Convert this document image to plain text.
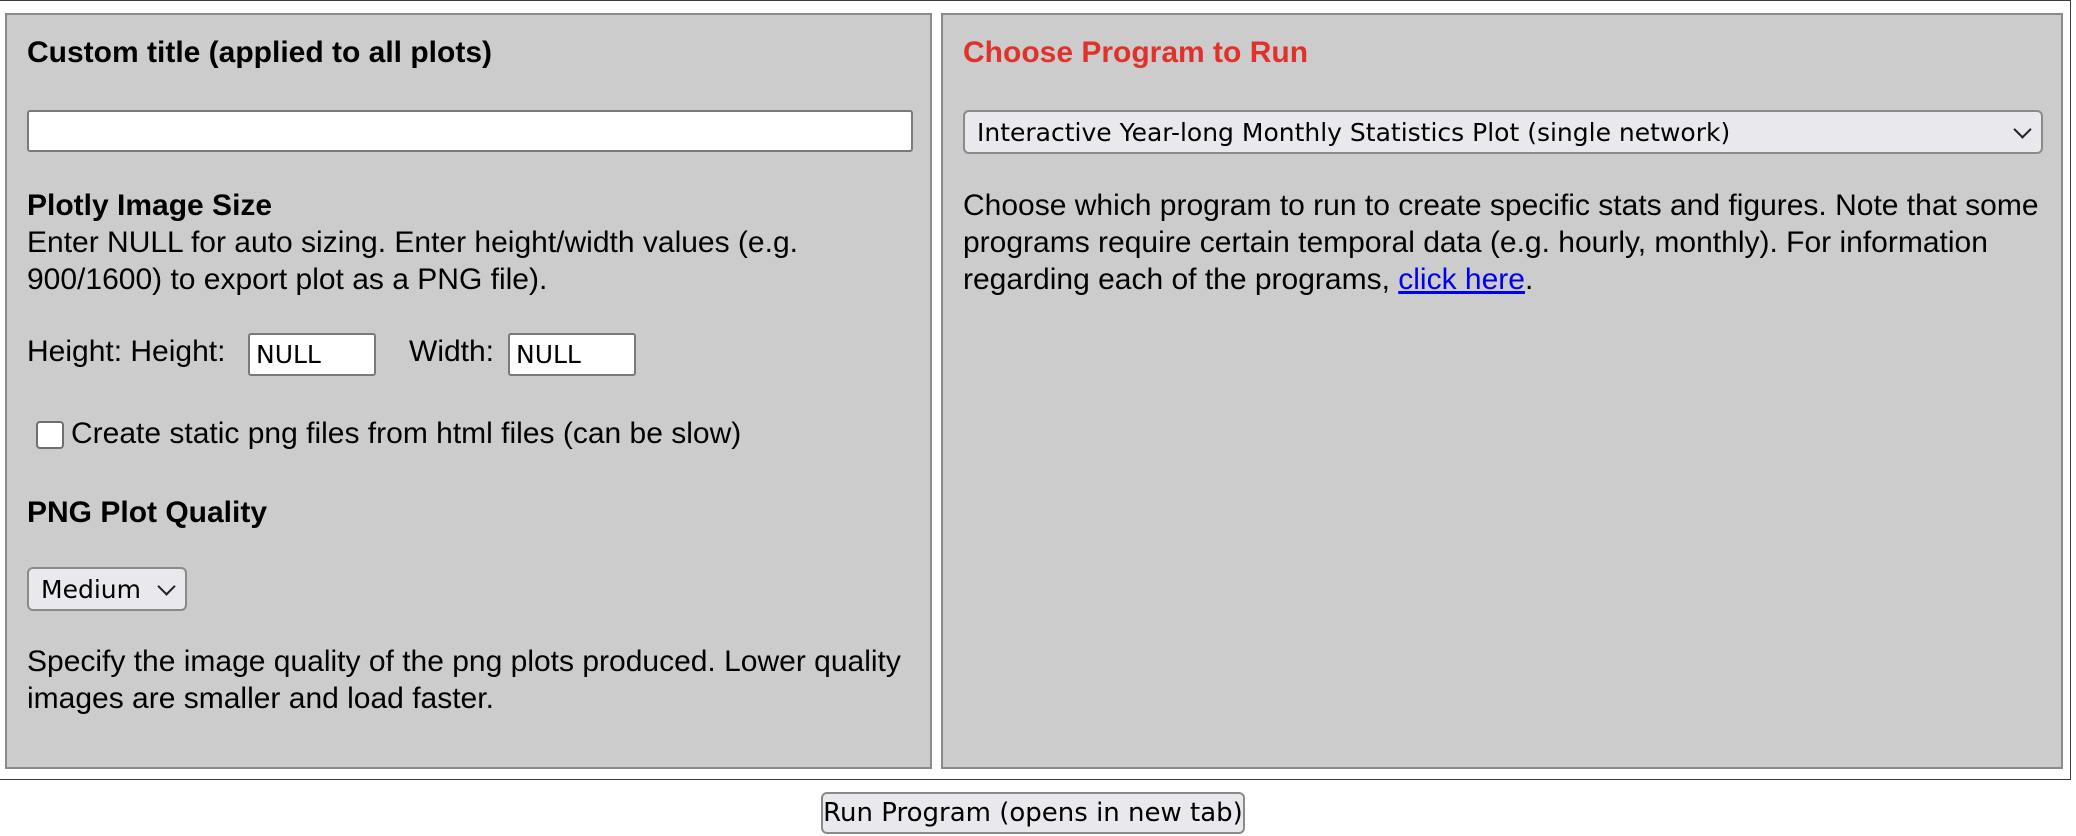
Custom title (applied to all plots)
Plotly Image Size
Enter NULL for auto sizing. Enter height/width values (e.g. 900/1600) to export plot as a PNG file).
Height: Height:
NULL	Width:
NULL
Create static png files from html files (can be slow)
PNG Plot Quality
Medium
Specify the image quality of the png plots produced. Lower quality images are smaller and load faster.
Choose Program to Run
Interactive Year-long Monthly Statistics Plot (single network)
Choose which program to run to create specific stats and figures. Note that some programs require certain temporal data (e.g. hourly, monthly). For information regarding each of the programs, click here.
Run Program (opens in new tab)
